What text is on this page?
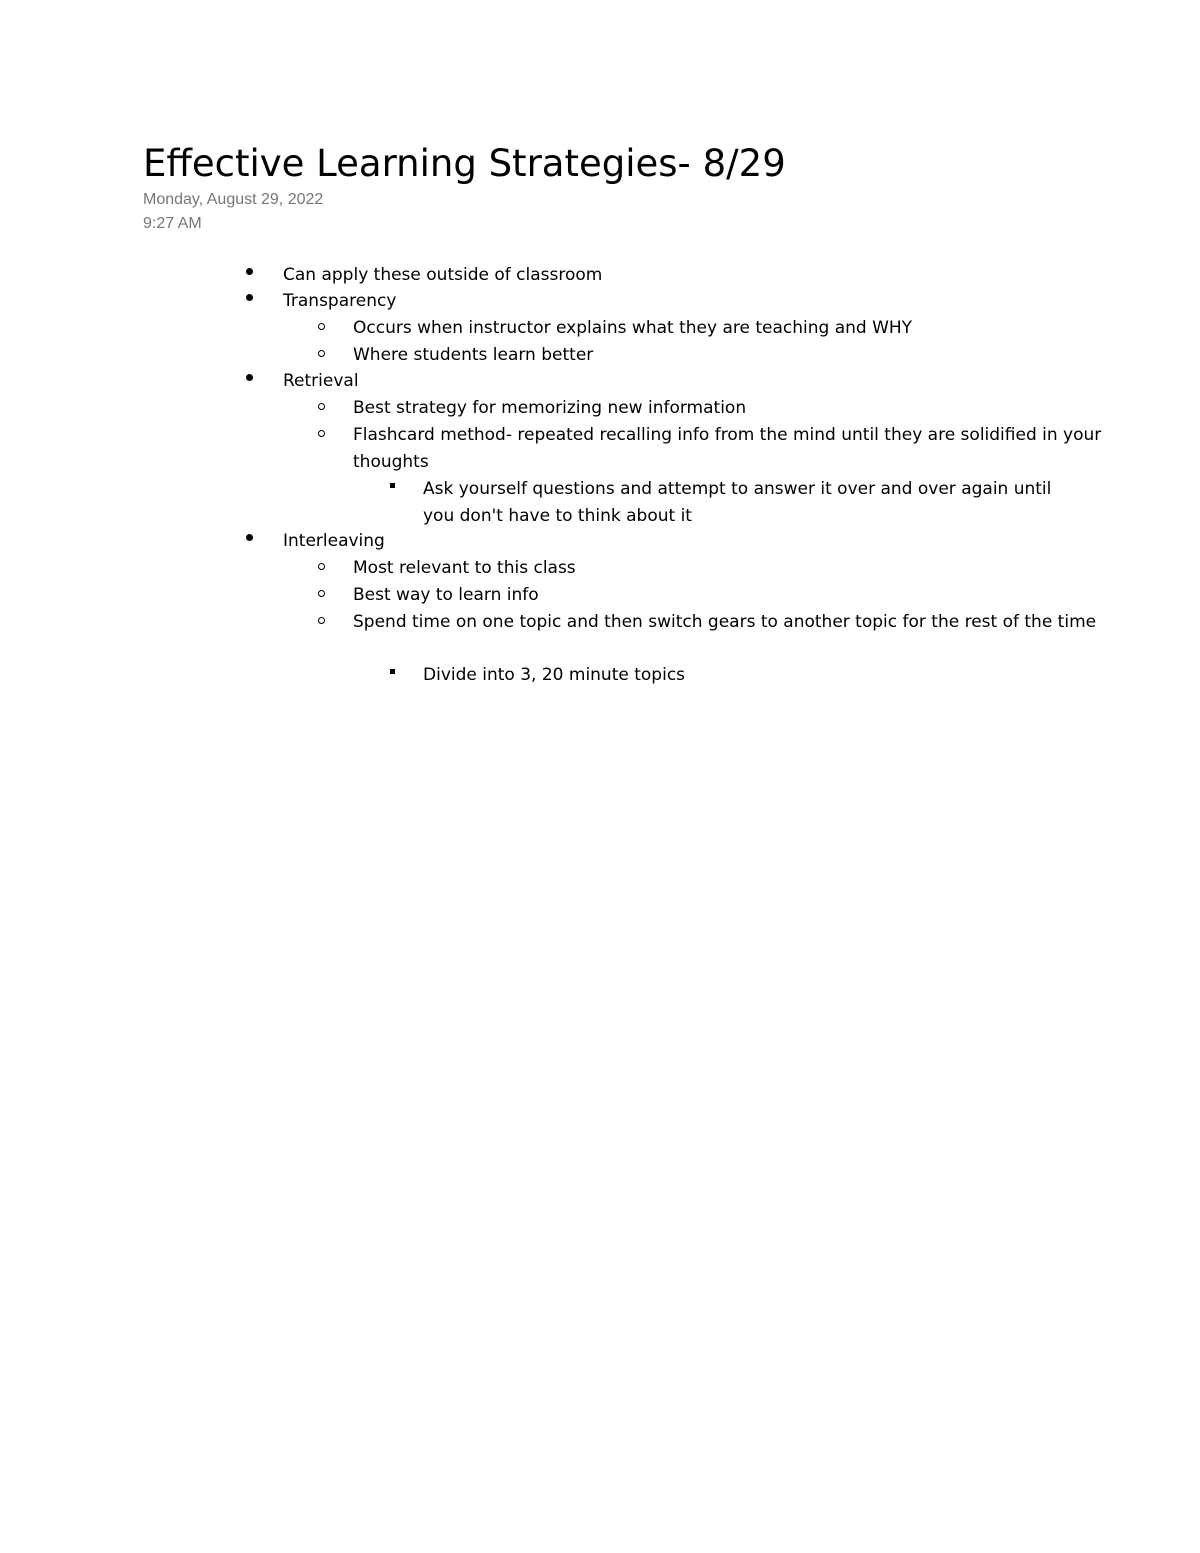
Effective Learning Strategies- 8/29
Monday, August 29, 2022
9:27 AM
Can apply these outside of classroom
Transparency
Occurs when instructor explains what they are teaching and WHY
Where students learn better
Retrieval
Best strategy for memorizing new information
Flashcard method- repeated recalling info from the mind until they are solidified in your thoughts
Ask yourself questions and attempt to answer it over and over again until you don't have to think about it
Interleaving
Most relevant to this class
Best way to learn info
Spend time on one topic and then switch gears to another topic for the rest of the time
Divide into 3, 20 minute topics
